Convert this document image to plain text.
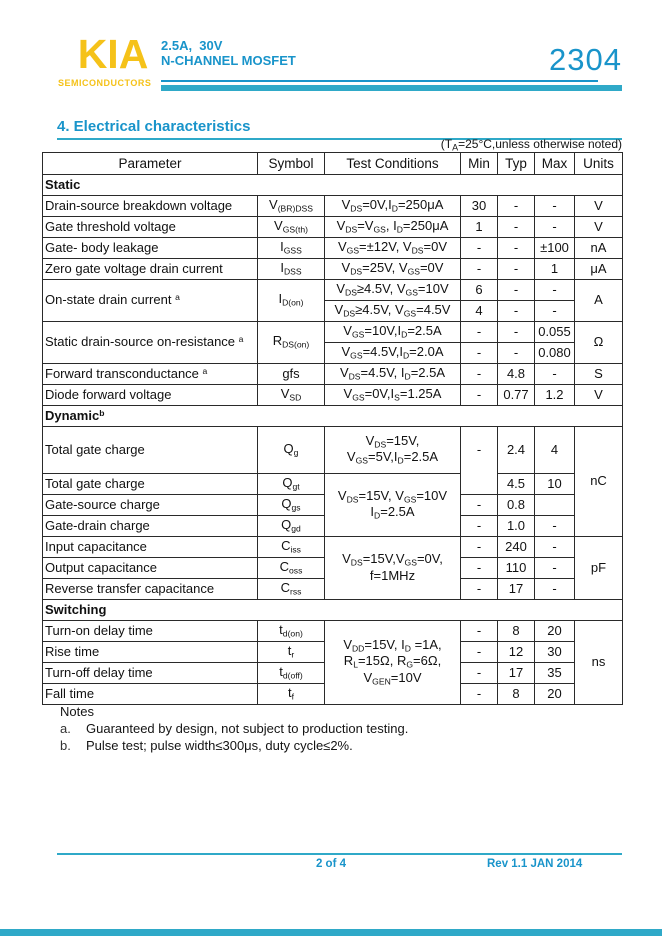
KIA
SEMICONDUCTORS
2.5A,  30V
N-CHANNEL MOSFET	2304
4. Electrical characteristics
($T_A=25^\circ C,unless$ otherwise noted)
Parameter	Symbol	Test Conditions	Min	Typ	Max	Units
Static						
Drain-source breakdown voltage	$V_{(BR)DSS}$	$V_{DS}=0V,I_D=250\mu A$	30	-	-	V
Gate threshold voltage	$V_{GS(th)}$	$V_{DS}=V_{GS}$, $I_D=250\mu A$	1	-	-	V
Gate- body leakage	$I_{GSS}$	$V_{GS}=\pm 12V$, $V_{DS}=0V$	-	-	±100	nA
Zero gate voltage drain current	$I_{DSS}$	$V_{DS}=25V$, $V_{GS}=0V$	-	-	1	μA
On-state drain current $^a$	$I_{D(on)}$	$V_{DS}\ge 4.5V$, $V_{GS}=10V$	6	-	-	A
		$V_{DS}\ge 4.5V$, $V_{GS}=4.5V$	4	-	-	
Static drain-source on-resistance $^a$	$R_{DS(on)}$	$V_{GS}=10V,I_D=2.5A$	-	-	0.055	Ω
		$V_{GS}=4.5V,I_D=2.0A$	-	-	0.080	
Forward transconductance $^a$	gfs	$V_{DS}=4.5V$, $I_D=2.5A$	-	4.8	-	S
Diode forward voltage	$V_{SD}$	$V_{GS}=0V,I_S=1.25A$	-	0.77	1.2	V
Dynamic$^b$
Total gate charge	$Q_g$	$V_{DS}=15V$,
$V_{GS}=5V,I_D=2.5A$	-	2.4	4	nC
Total gate charge	$Q_{gt}$	$V_{DS}=15V$, $V_{GS}=10V$
$I_D=2.5A$		4.5	10	
Gate-source charge	$Q_{gs}$		-	0.8		
Gate-drain charge	$Q_{gd}$		-	1.0	-	
Input capacitance	$C_{iss}$	$V_{DS}=15V,V_{GS}=0V$,
f=1MHz	-	240	-	pF
Output capacitance	$C_{oss}$		-	110	-	
Reverse transfer capacitance	$C_{rss}$		-	17	-	
Switching						
Turn-on delay time	$t_{d(on)}$	$V_{DD}=15V$, $I_D =1A$,
$R_L=15\Omega$, $R_G=6\Omega$,
$V_{GEN}=10V$	-	8	20	ns
Rise time	$t_r$		-	12	30	
Turn-off delay time	$t_{d(off)}$		-	17	35	
Fall time	$t_f$		-	8	20	
Notes
a.	Guaranteed by design, not subject to production testing.
b.	Pulse test; pulse width≤300μs, duty cycle≤2%.
2 of 4	Rev 1.1 JAN 2014
